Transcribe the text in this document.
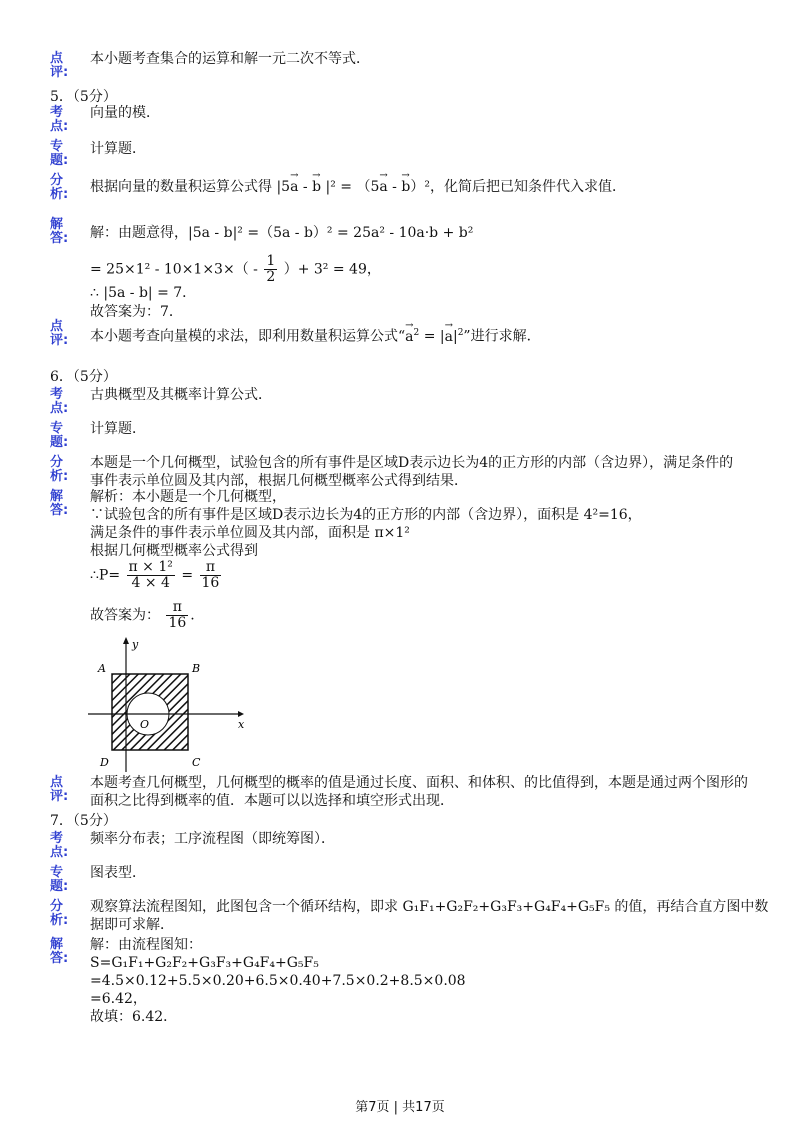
点评:
本小题考查集合的运算和解一元二次不等式．
5．（5分）
考点:
向量的模．
专题:
计算题．
分析: 根据向量的数量积运算公式得 |5→ a - → b |² = （5→ a - → b）²，化简后把已知条件代入求值．
解答: 解：由题意得，|5a - b|² =（5a - b）² = 25a² - 10a·b + b²
= $25\times 1^2 - 10\times 1\times 3\times( - \frac{1}{2}$ ）+ 3² = 49，
∴ |5a - b| = 7．
故答案为：7．
点评: 本小题考查向量模的求法，即利用数量积运算公式“→ $a^2$ = |→ $a|^2$”进行求解．
6．（5分）
考点:
古典概型及其概率计算公式．
专题:
计算题．
分析:
本题是一个几何概型，试验包含的所有事件是区域D表示边长为4的正方形的内部（含边界），满足条件的
事件表示单位圆及其内部，根据几何概型概率公式得到结果．
解答:
解析：本小题是一个几何概型，
∵试验包含的所有事件是区域D表示边长为4的正方形的内部（含边界），面积是 4²=16，
满足条件的事件表示单位圆及其内部，面积是 π×1²
根据几何概型概率公式得到
∴P= $\frac{\text{π × 1²}}{4 \times 4} = \frac{\pi}{16}$
故答案为： $\frac{\pi}{16}$ .
A	B
C
D
O	x
y
点评:
本题考查几何概型，几何概型的概率的值是通过长度、面积、和体积、的比值得到，本题是通过两个图形的
面积之比得到概率的值．本题可以以选择和填空形式出现．
7．（5分）
考点:
频率分布表；工序流程图（即统筹图）．
专题:
图表型．
分析:
观察算法流程图知，此图包含一个循环结构，即求 G₁F₁+G₂F₂+G₃F₃+G₄F₄+G₅F₅ 的值，再结合直方图中数
据即可求解．
解答:
解：由流程图知：
S=G₁F₁+G₂F₂+G₃F₃+G₄F₄+G₅F₅
=4.5×0.12+5.5×0.20+6.5×0.40+7.5×0.2+8.5×0.08
=6.42，
故填：6.42．
第7页 | 共17页
